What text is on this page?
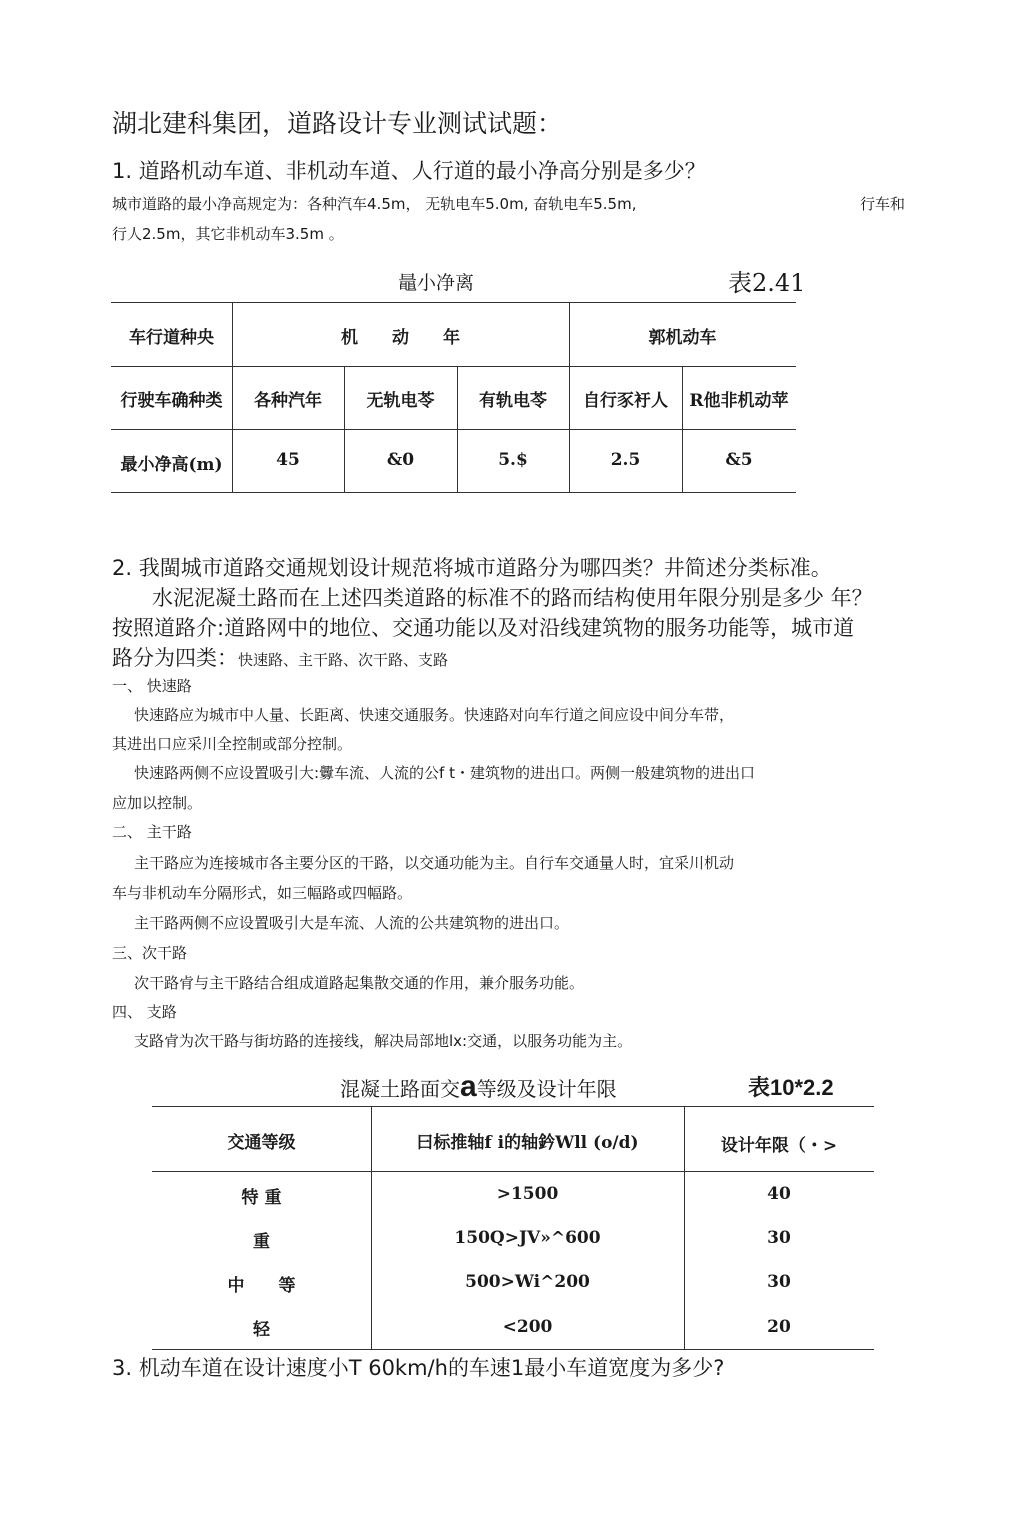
湖北建科集团，道路设计专业测试试题：
1. 道路机动车道、非机动车道、人行道的最小净高分别是多少？
城市道路的最小净高规定为：各种汽车4.5m， 无轨电车5.0m, 奋轨电车5.5m,	行车和
行人2.5m，其它非机动车3.5m 。
鼂小净离	表2.41
车行道种央	机　　动　　年	郭机动车
行驶车确种类	各种汽年	无轨电苓	有轨电苓	自行豕衧人	R他非机动苹
最小净高(m)	45	&0	5.$	2.5	&5
2. 我閩城市道路交通规划设计规范将城市道路分为哪四类？井简述分类标准。
水泥泥凝土路而在上述四类道路的标准不的路而结构使用年限分别是多少 年？
按照道路介:道路网中的地位、交通功能以及对沿线建筑物的服务功能等，城市道
路分为四类：快速路、主干路、次干路、支路
一、 快速路
快速路应为城市中人量、长距离、快速交通服务。快速路对向车行道之间应设中间分车带，
其进出口应采川全控制或部分控制。
快速路两侧不应设置吸引大:釁车流、人流的公f t・建筑物的进出口。两侧一般建筑物的进出口
应加以控制。
二、 主干路
主干路应为连接城市各主要分区的干路，以交通功能为主。自行车交通量人时，宜采川机动
车与非机动车分隔形式，如三幅路或四幅路。
主干路两侧不应设置吸引大是车流、人流的公共建筑物的进出口。
三、次干路
次干路肻与主干路结合组成道路起集散交通的作用，兼介服务功能。
四、 支路
支路肻为次干路与街坊路的连接线，解决局部地lx:交通，以服务功能为主。
混凝土路面交a等级及设计年限	表10*2.2
交通等级	曰标推轴f i的轴鈐Wll (o/d)	设计年限（・>
特 重	>1500	40
重	150Q>JV»^600	30
中　　等	500>Wi^200	30
轻	<200	20
3. 机动车道在设计速度小T 60km/h的车速1最小车道宽度为多少?
